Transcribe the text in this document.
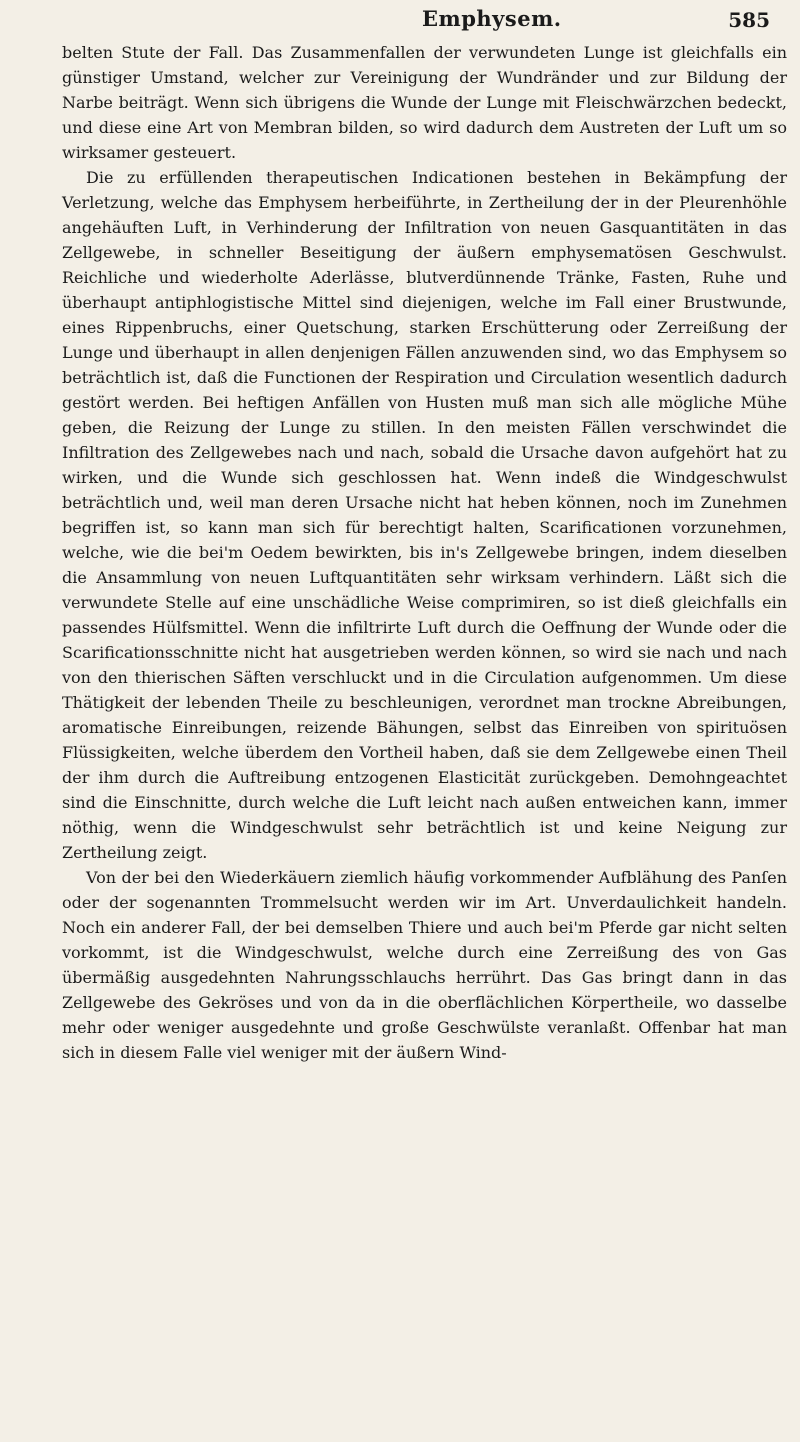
Emphysem.	585

belten Stute der Fall. Das Zusammenfallen der verwundeten Lunge ist gleichfalls ein günstiger Umstand, welcher zur Vereinigung der Wundränder und zur Bildung der Narbe beiträgt. Wenn sich übrigens die Wunde der Lunge mit Fleischwärzchen bedeckt, und diese eine Art von Membran bilden, so wird dadurch dem Austreten der Luft um so wirksamer gesteuert.

Die zu erfüllenden therapeutischen Indicationen bestehen in Bekämpfung der Verletzung, welche das Emphysem herbeiführte, in Zertheilung der in der Pleurenhöhle angehäuften Luft, in Verhinderung der Infiltration von neuen Gasquantitäten in das Zellgewebe, in schneller Beseitigung der äußern emphysematösen Geschwulst. Reichliche und wiederholte Aderlässe, blutverdünnende Tränke, Fasten, Ruhe und überhaupt antiphlogistische Mittel sind diejenigen, welche im Fall einer Brustwunde, eines Rippenbruchs, einer Quetschung, starken Erschütterung oder Zerreißung der Lunge und überhaupt in allen denjenigen Fällen anzuwenden sind, wo das Emphysem so beträchtlich ist, daß die Functionen der Respiration und Circulation wesentlich dadurch gestört werden. Bei heftigen Anfällen von Husten muß man sich alle mögliche Mühe geben, die Reizung der Lunge zu stillen. In den meisten Fällen verschwindet die Infiltration des Zellgewebes nach und nach, sobald die Ursache davon aufgehört hat zu wirken, und die Wunde sich geschlossen hat. Wenn indeß die Windgeschwulst beträchtlich und, weil man deren Ursache nicht hat heben können, noch im Zunehmen begriffen ist, so kann man sich für berechtigt halten, Scarificationen vorzunehmen, welche, wie die bei'm Oedem bewirkten, bis in's Zellgewebe bringen, indem dieselben die Ansammlung von neuen Luftquantitäten sehr wirksam verhindern. Läßt sich die verwundete Stelle auf eine unschädliche Weise comprimiren, so ist dieß gleichfalls ein passendes Hülfsmittel. Wenn die infiltrirte Luft durch die Oeffnung der Wunde oder die Scarificationsschnitte nicht hat ausgetrieben werden können, so wird sie nach und nach von den thierischen Säften verschluckt und in die Circulation aufgenommen. Um diese Thätigkeit der lebenden Theile zu beschleunigen, verordnet man trockne Abreibungen, aromatische Einreibungen, reizende Bähungen, selbst das Einreiben von spirituösen Flüssigkeiten, welche überdem den Vortheil haben, daß sie dem Zellgewebe einen Theil der ihm durch die Auftreibung entzogenen Elasticität zurückgeben. Demohngeachtet sind die Einschnitte, durch welche die Luft leicht nach außen entweichen kann, immer nöthig, wenn die Windgeschwulst sehr beträchtlich ist und keine Neigung zur Zertheilung zeigt.

Von der bei den Wiederkäuern ziemlich häufig vorkommender Aufblähung des Panſen oder der sogenannten Trommelsucht werden wir im Art. Unverdaulichkeit handeln. Noch ein anderer Fall, der bei demselben Thiere und auch bei'm Pferde gar nicht selten vorkommt, ist die Windgeschwulst, welche durch eine Zerreißung des von Gas übermäßig ausgedehnten Nahrungsschlauchs herrührt. Das Gas bringt dann in das Zellgewebe des Gekröses und von da in die oberflächlichen Körpertheile, wo dasselbe mehr oder weniger ausgedehnte und große Geschwülste veranlaßt. Offenbar hat man sich in diesem Falle viel weniger mit der äußern Wind-
